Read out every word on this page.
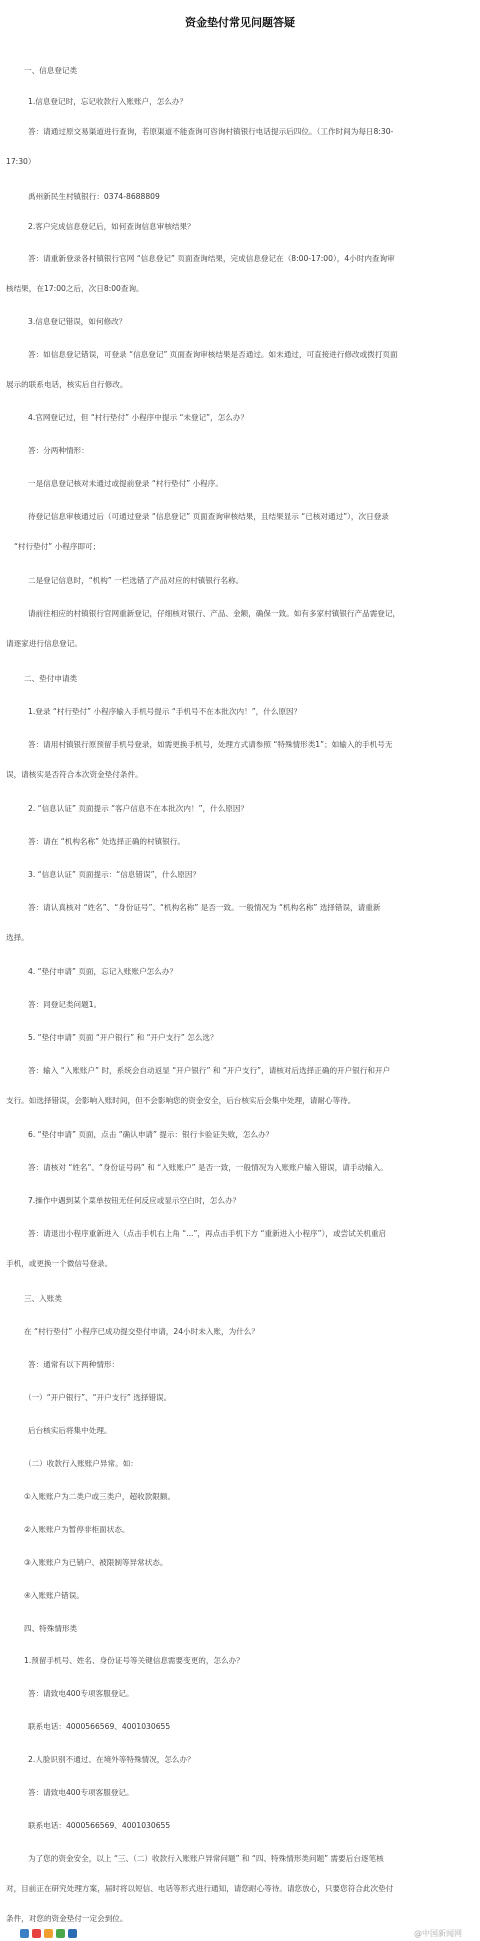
资金垫付常见问题答疑
一、信息登记类
1.信息登记时，忘记收款行入账账户，怎么办？
答：请通过原交易渠道进行查询，若原渠道不能查询可咨询村镇银行电话提示后四位。（工作时间为每日8:30-
17:30）
禹州新民生村镇银行：0374-8688809
2.客户完成信息登记后，如何查询信息审核结果？
答：请重新登录各村镇银行官网 “信息登记” 页面查询结果，完成信息登记在（8:00-17:00），4小时内查询审
核结果，在17:00之后，次日8:00查询。
3.信息登记错误，如何修改？
答：如信息登记错误，可登录 “信息登记” 页面查询审核结果是否通过。如未通过，可直接进行修改或拨打页面
展示的联系电话，核实后自行修改。
4.官网登记过，但 “村行垫付” 小程序中提示 “未登记”，怎么办？
答：分两种情形：
一是信息登记核对未通过或提前登录 “村行垫付” 小程序。
待登记信息审核通过后（可通过登录 “信息登记” 页面查询审核结果，且结果显示 “已核对通过”），次日登录
“村行垫付” 小程序即可；
二是登记信息时，“机构” 一栏选错了产品对应的村镇银行名称。
请前往相应的村镇银行官网重新登记，仔细核对银行、产品、金额，确保一致。如有多家村镇银行产品需登记，
请逐家进行信息登记。
二、垫付申请类
1.登录 “村行垫付” 小程序输入手机号提示 “手机号不在本批次内！”，什么原因？
答：请用村镇银行原预留手机号登录，如需更换手机号，处理方式请参照 “特殊情形类1”；如输入的手机号无
误，请核实是否符合本次资金垫付条件。
2. “信息认证” 页面提示 “客户信息不在本批次内！”，什么原因？
答：请在 “机构名称” 处选择正确的村镇银行。
3. “信息认证” 页面提示：“信息错误”，什么原因？
答：请认真核对 “姓名”、“身份证号”、“机构名称” 是否一致。一般情况为 “机构名称” 选择错误，请重新
选择。
4. “垫付申请” 页面，忘记入账账户怎么办？
答：同登记类问题1。
5. “垫付申请” 页面 “开户银行” 和 “开户支行” 怎么选？
答：输入 “入账账户” 时，系统会自动返显 “开户银行” 和 “开户支行”，请核对后选择正确的开户银行和开户
支行。如选择错误，会影响入账时间，但不会影响您的资金安全，后台核实后会集中处理，请耐心等待。
6. “垫付申请” 页面，点击 “确认申请” 提示：银行卡验证失败，怎么办？
答：请核对 “姓名”、“身份证号码” 和 “入账账户” 是否一致，一般情况为入账账户输入错误，请手动输入。
7.操作中遇到某个菜单按钮无任何反应或显示空白时，怎么办？
答：请退出小程序重新进入（点击手机右上角 “...”，再点击手机下方 “重新进入小程序”），或尝试关机重启
手机，或更换一个微信号登录。
三、入账类
在 “村行垫付” 小程序已成功提交垫付申请，24小时未入账，为什么？
答：通常有以下两种情形：
（一）“开户银行”、“开户支行” 选择错误。
后台核实后将集中处理。
（二）收款行入账账户异常。如：
①入账账户为二类户或三类户，超收款限额。
②入账账户为暂停非柜面状态。
③入账账户为已销户、被限制等异常状态。
④入账账户错误。
四、特殊情形类
1.预留手机号、姓名、身份证号等关键信息需要变更的，怎么办？
答：请致电400专项客服登记。
联系电话：4000566569、4001030655
2.人脸识别不通过、在境外等特殊情况，怎么办？
答：请致电400专项客服登记。
联系电话：4000566569、4001030655
为了您的资金安全，以上 “三、（二）收款行入账账户异常问题” 和 “四、特殊情形类问题” 需要后台逐笔核
对，目前正在研究处理方案，届时将以短信、电话等形式进行通知，请您耐心等待。请您放心，只要您符合此次垫付
条件，对您的资金垫付一定会到位。
@中国新闻网
